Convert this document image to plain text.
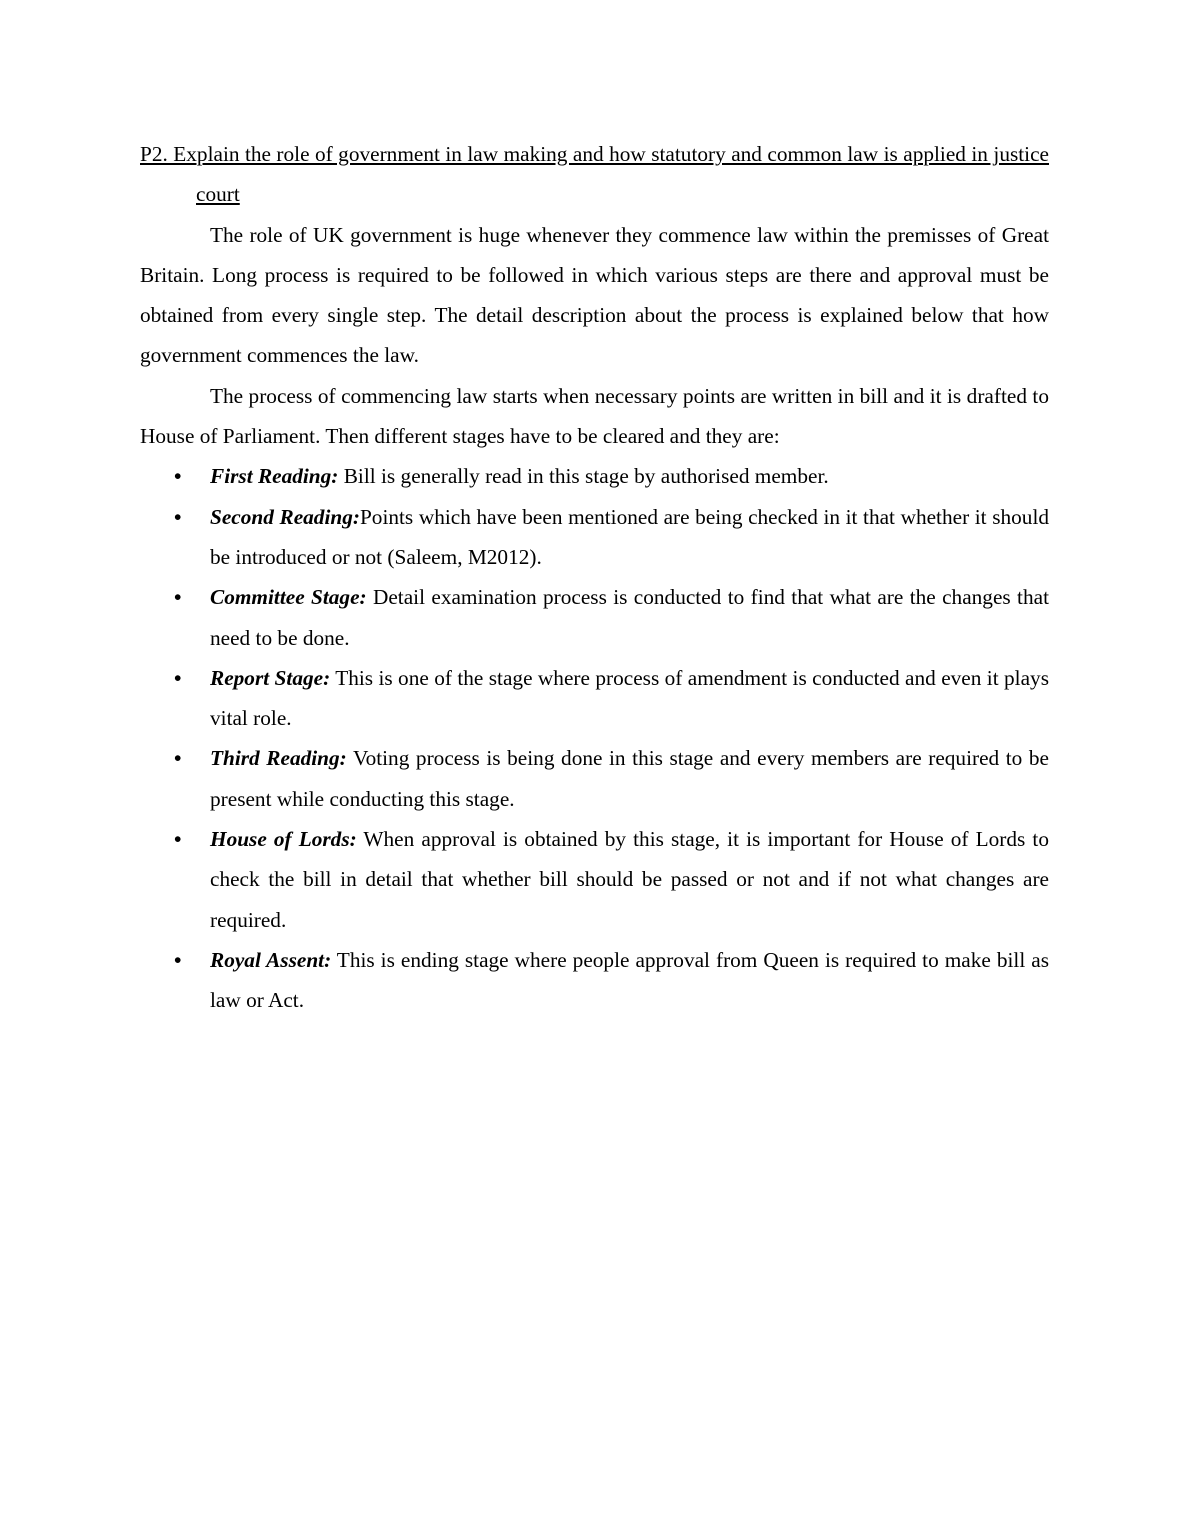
P2. Explain the role of government in law making and how statutory and common law is applied in justice court

The role of UK government is huge whenever they commence law within the premisses of Great Britain. Long process is required to be followed in which various steps are there and approval must be obtained from every single step. The detail description about the process is explained below that how government commences the law.

The process of commencing law starts when necessary points are written in bill and it is drafted to House of Parliament. Then different stages have to be cleared and they are:

•	First Reading: Bill is generally read in this stage by authorised member.
•	Second Reading:Points which have been mentioned are being checked in it that whether it should be introduced or not (Saleem, M2012).
•	Committee Stage: Detail examination process is conducted to find that what are the changes that need to be done.
•	Report Stage: This is one of the stage where process of amendment is conducted and even it plays vital role.
•	Third Reading: Voting process is being done in this stage and every members are required to be present while conducting this stage.
•	House of Lords: When approval is obtained by this stage, it is important for House of Lords to check the bill in detail that whether bill should be passed or not and if not what changes are required.
•	Royal Assent: This is ending stage where people approval from Queen is required to make bill as law or Act.
